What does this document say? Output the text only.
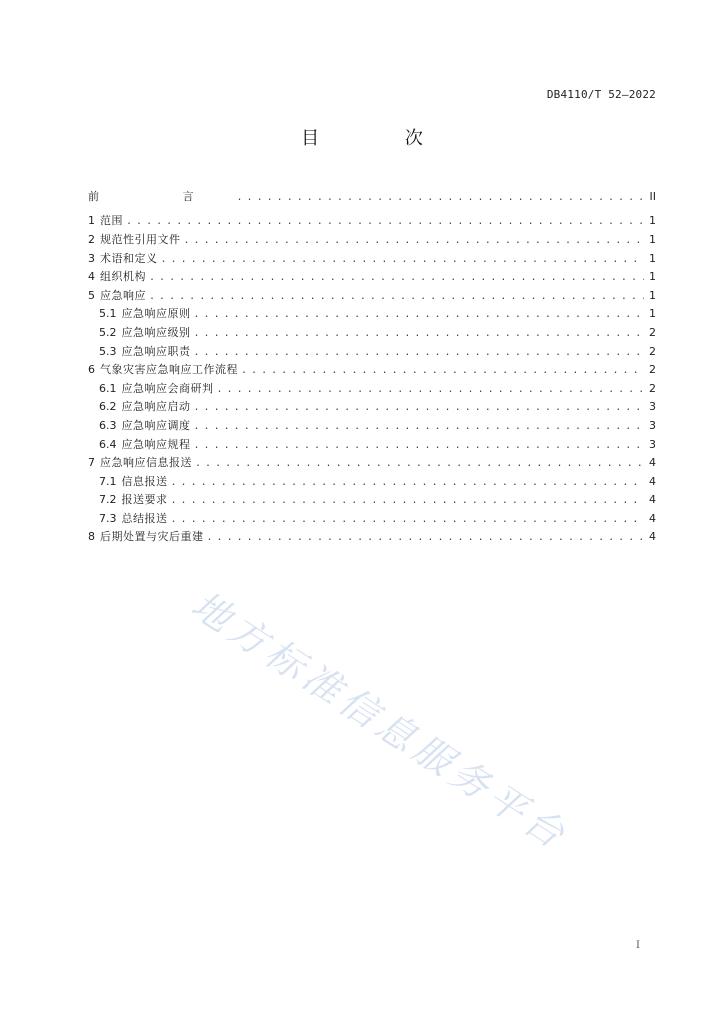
DB4110/T 52—2022
目 次
前 言 . . .	II
1 范围 . . .	1
2 规范性引用文件 . . .	1
3 术语和定义 . . .	1
4 组织机构 . . .	1
5 应急响应 . . .	1
5.1 应急响应原则 . . .	1
5.2 应急响应级别 . . .	2
5.3 应急响应职责 . . .	2
6 气象灾害应急响应工作流程 . . .	2
6.1 应急响应会商研判 . . .	2
6.2 应急响应启动 . . .	3
6.3 应急响应调度 . . .	3
6.4 应急响应规程 . . .	3
7 应急响应信息报送 . . .	4
7.1 信息报送 . . .	4
7.2 报送要求 . . .	4
7.3 总结报送 . . .	4
8 后期处置与灾后重建 . . .	4
地方标准信息服务平台
I
